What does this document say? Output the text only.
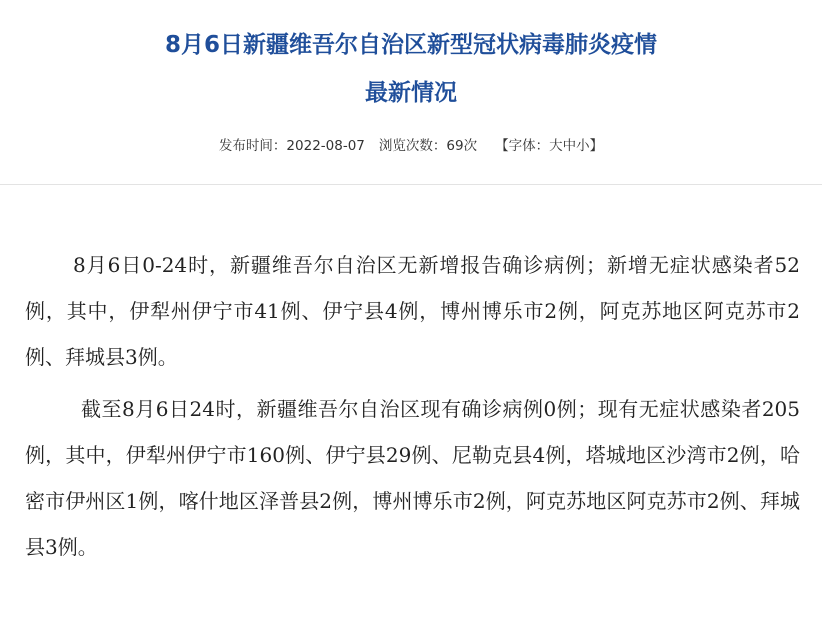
8月6日新疆维吾尔自治区新型冠状病毒肺炎疫情
最新情况
发布时间：2022-08-07 浏览次数：69次 【字体：大中小】

8月6日0-24时，新疆维吾尔自治区无新增报告确诊病例；新增无症状感染者52例，其中，伊犁州伊宁市41例、伊宁县4例，博州博乐市2例，阿克苏地区阿克苏市2例、拜城县3例。

截至8月6日24时，新疆维吾尔自治区现有确诊病例0例；现有无症状感染者205例，其中，伊犁州伊宁市160例、伊宁县29例、尼勒克县4例，塔城地区沙湾市2例，哈密市伊州区1例，喀什地区泽普县2例，博州博乐市2例，阿克苏地区阿克苏市2例、拜城县3例。
